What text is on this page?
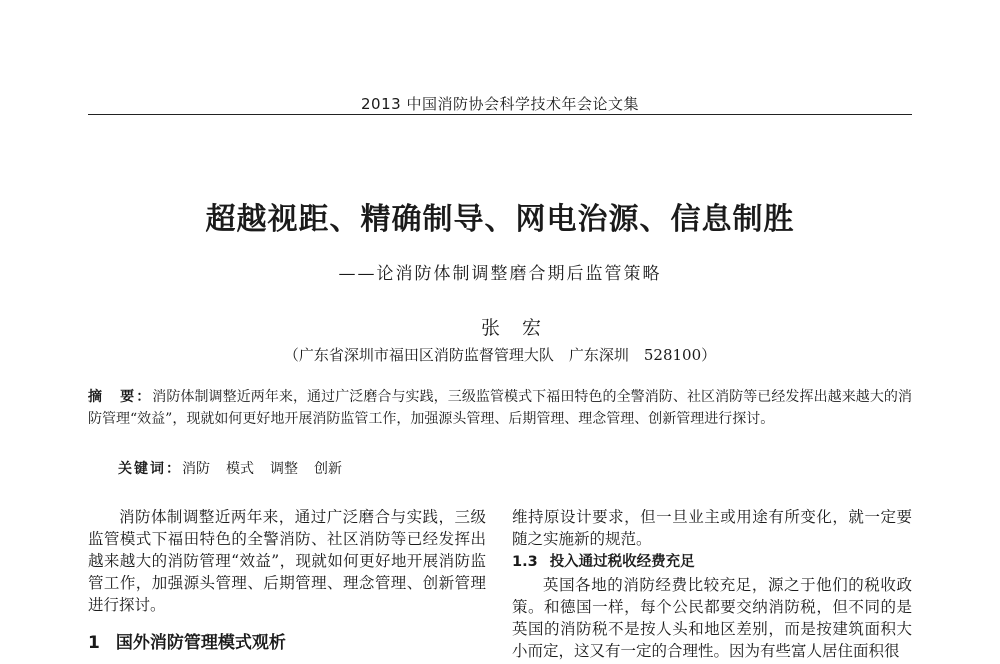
2013 中国消防协会科学技术年会论文集
超越视距、精确制导、网电治源、信息制胜
——论消防体制调整磨合期后监管策略
张宏
（广东省深圳市福田区消防监督管理大队　广东深圳　528100）
摘　要：消防体制调整近两年来，通过广泛磨合与实践，三级监管模式下福田特色的全警消防、社区消防等已经发挥出越来越大的消防管理“效益”，现就如何更好地开展消防监管工作，加强源头管理、后期管理、理念管理、创新管理进行探讨。
关键词：消防 模式 调整 创新

消防体制调整近两年来，通过广泛磨合与实践，三级监管模式下福田特色的全警消防、社区消防等已经发挥出越来越大的消防管理“效益”，现就如何更好地开展消防监管工作，加强源头管理、后期管理、理念管理、创新管理进行探讨。

1 国外消防管理模式观析

维持原设计要求，但一旦业主或用途有所变化，就一定要随之实施新的规范。

1.3 投入通过税收经费充足

英国各地的消防经费比较充足，源之于他们的税收政策。和德国一样，每个公民都要交纳消防税，但不同的是英国的消防税不是按人头和地区差别，而是按建筑面积大小而定，这又有一定的合理性。因为有些富人居住面积很
